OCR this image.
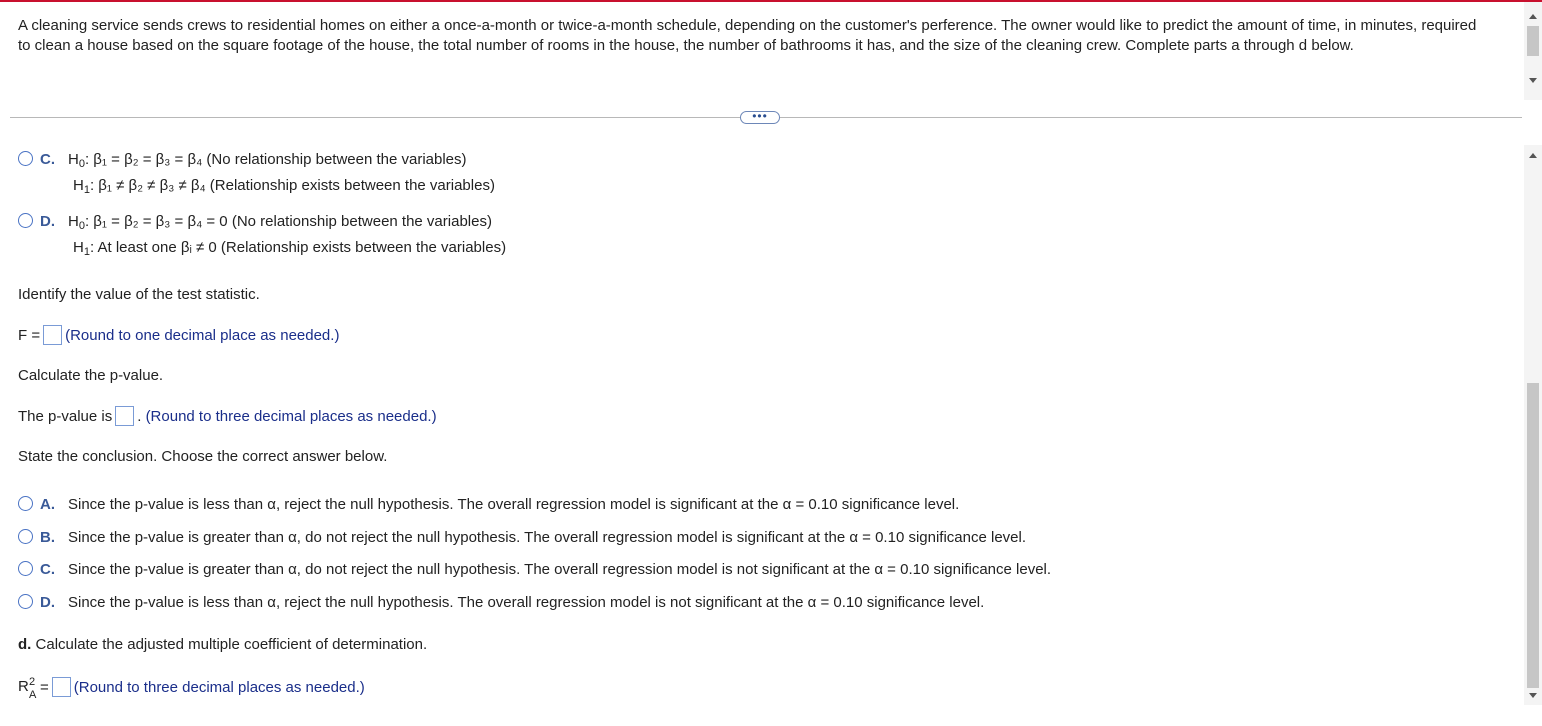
A cleaning service sends crews to residential homes on either a once-a-month or twice-a-month schedule, depending on the customer's perference. The owner would like to predict the amount of time, in minutes, required to clean a house based on the square footage of the house, the total number of rooms in the house, the number of bathrooms it has, and the size of the cleaning crew. Complete parts a through d below.
•••
C. $H_0$: β₁ = β₂ = β₃ = β₄ (No relationship between the variables)
$H_1$: β₁ ≠ β₂ ≠ β₃ ≠ β₄ (Relationship exists between the variables)
D. $H_0$: β₁ = β₂ = β₃ = β₄ = 0 (No relationship between the variables)
$H_1$: At least one βᵢ ≠ 0 (Relationship exists between the variables)
Identify the value of the test statistic.
F = (Round to one decimal place as needed.)
Calculate the p-value.
The p-value is . (Round to three decimal places as needed.)
State the conclusion. Choose the correct answer below.
A. Since the p-value is less than α, reject the null hypothesis. The overall regression model is significant at the α = 0.10 significance level.
B. Since the p-value is greater than α, do not reject the null hypothesis. The overall regression model is significant at the α = 0.10 significance level.
C. Since the p-value is greater than α, do not reject the null hypothesis. The overall regression model is not significant at the α = 0.10 significance level.
D. Since the p-value is less than α, reject the null hypothesis. The overall regression model is not significant at the α = 0.10 significance level.
d. Calculate the adjusted multiple coefficient of determination.
R 2
A = (Round to three decimal places as needed.)
